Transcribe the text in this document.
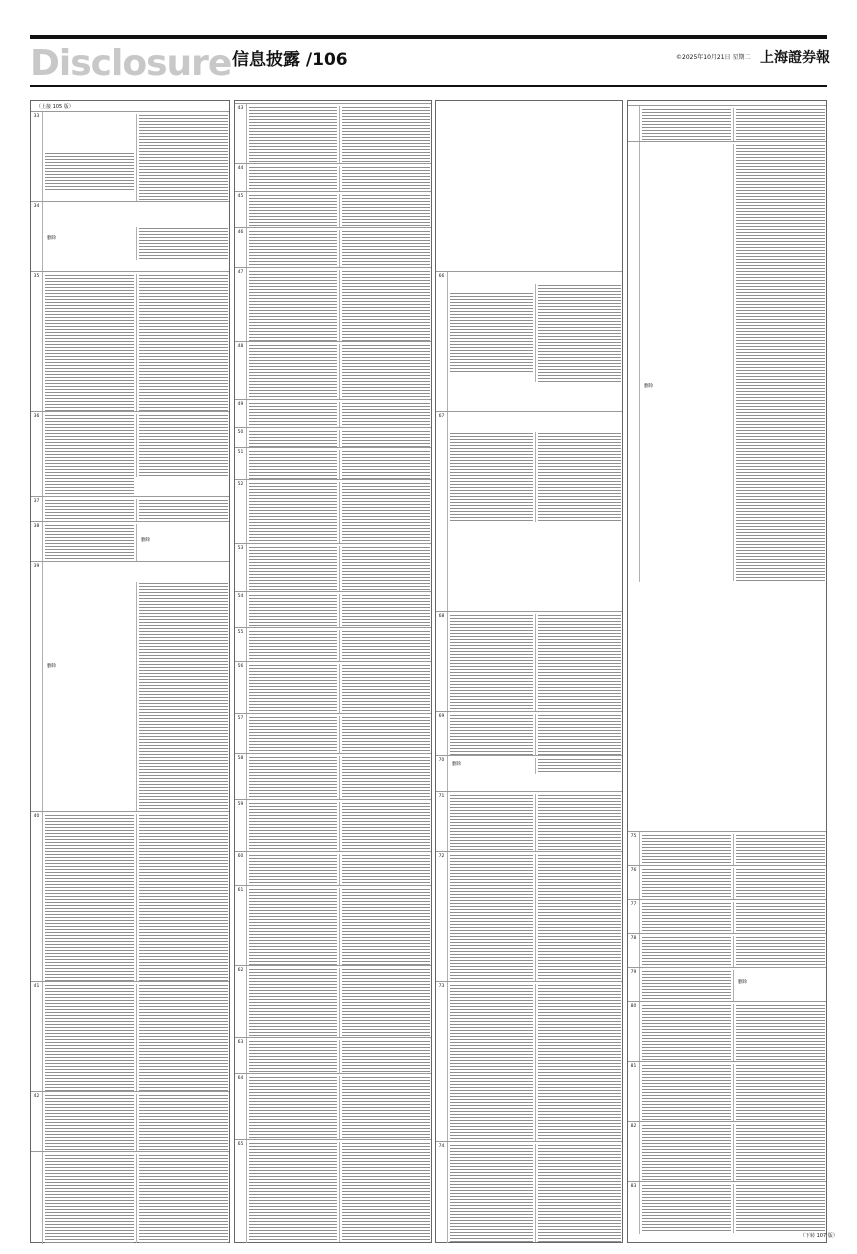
Disclosure 信息披露 /106	©2025年10月21日 星期二 上海證券報
（上接 105 版）
33
34
删除
35
36
37
38
删除
39
删除
40
41
42
43
44
45
46
47
48
49
50
51
52
53
54
55
56
57
58
59
60
61
62
63
64
65
66
67
68
69
70
删除
71
72
73
74
删除
75
76
77
78
79
删除
80
81
82
83
（下转 107 版）
